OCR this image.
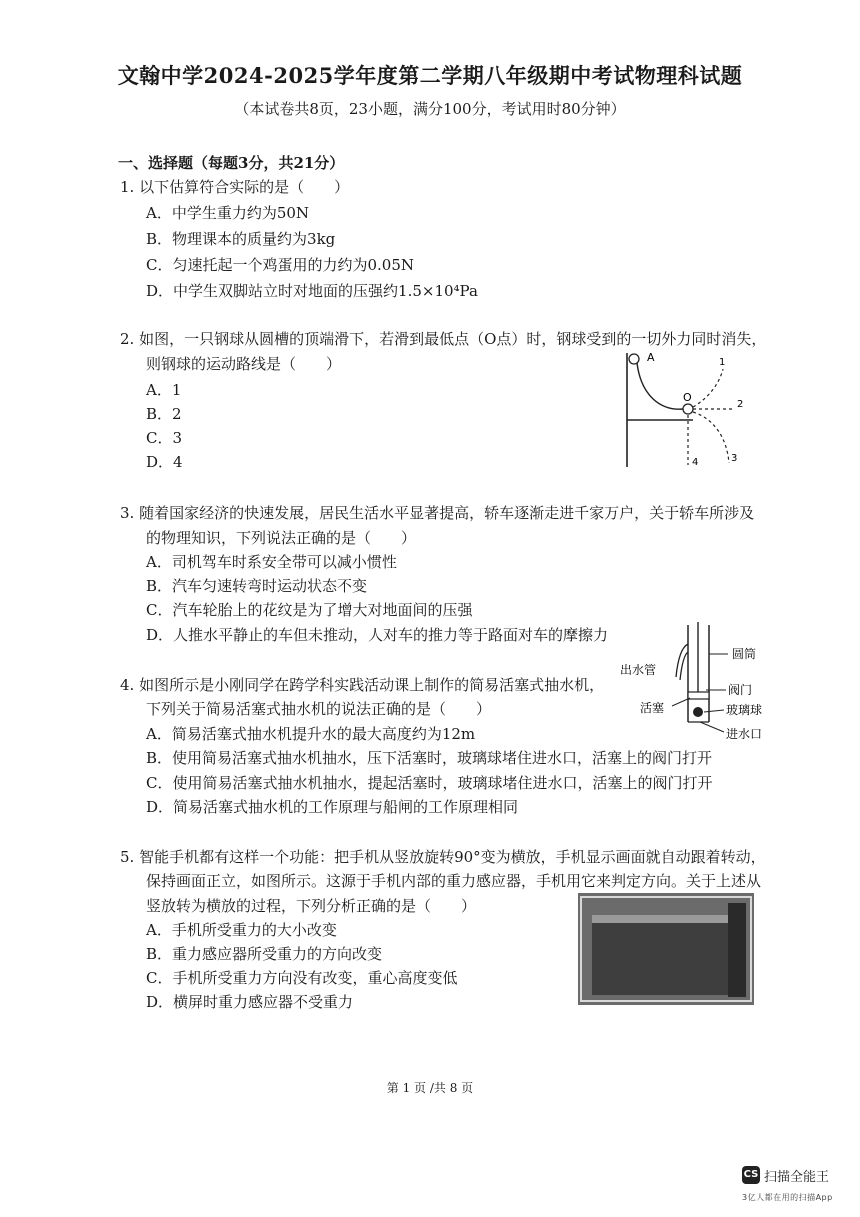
文翰中学2024-2025学年度第二学期八年级期中考试物理科试题
（本试卷共8页，23小题，满分100分，考试用时80分钟）
一、选择题（每题3分，共21分）
1. 以下估算符合实际的是（　　）
A．中学生重力约为50N
B．物理课本的质量约为3kg
C．匀速托起一个鸡蛋用的力约为0.05N
D．中学生双脚站立时对地面的压强约1.5×10⁴Pa
2. 如图，一只钢球从圆槽的顶端滑下，若滑到最低点（O点）时，钢球受到的一切外力同时消失，
则钢球的运动路线是（　　）
A．1
B．2
C．3
D．4
A
O
1
2
3
4
3. 随着国家经济的快速发展，居民生活水平显著提高，轿车逐渐走进千家万户，关于轿车所涉及
的物理知识，下列说法正确的是（　　）
A．司机驾车时系安全带可以减小惯性
B．汽车匀速转弯时运动状态不变
C．汽车轮胎上的花纹是为了增大对地面间的压强
D．人推水平静止的车但未推动，人对车的推力等于路面对车的摩擦力
4. 如图所示是小刚同学在跨学科实践活动课上制作的简易活塞式抽水机，
下列关于简易活塞式抽水机的说法正确的是（　　）
A．简易活塞式抽水机提升水的最大高度约为12m
B．使用简易活塞式抽水机抽水，压下活塞时，玻璃球堵住进水口，活塞上的阀门打开
C．使用简易活塞式抽水机抽水，提起活塞时，玻璃球堵住进水口，活塞上的阀门打开
D．简易活塞式抽水机的工作原理与船闸的工作原理相同
圆筒
出水管
阀门
活塞	玻璃球
进水口
5. 智能手机都有这样一个功能：把手机从竖放旋转90°变为横放，手机显示画面就自动跟着转动，
保持画面正立，如图所示。这源于手机内部的重力感应器，手机用它来判定方向。关于上述从
竖放转为横放的过程，下列分析正确的是（　　）
A．手机所受重力的大小改变
B．重力感应器所受重力的方向改变
C．手机所受重力方向没有改变，重心高度变低
D．横屏时重力感应器不受重力
第 1 页 /共 8 页
CS 扫描全能王
3亿人都在用的扫描App
